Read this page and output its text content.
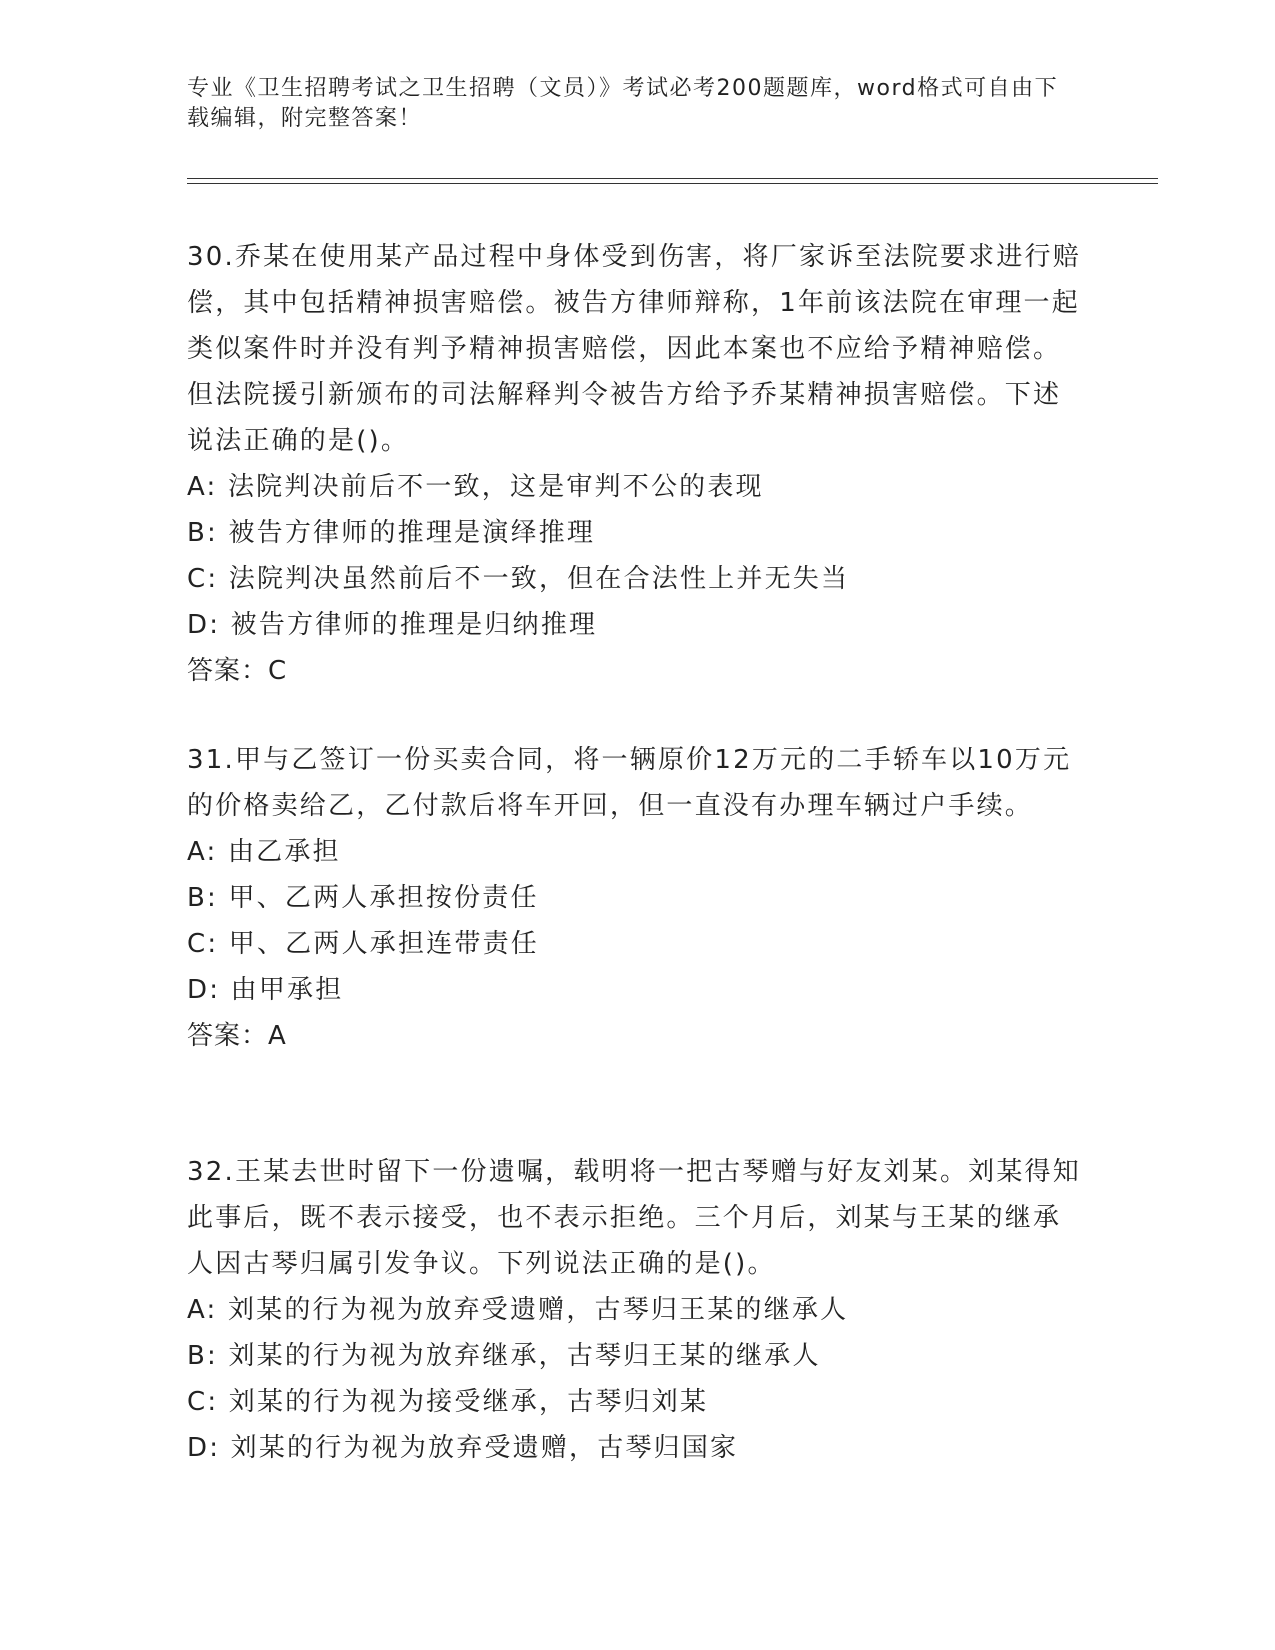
专业《卫生招聘考试之卫生招聘（文员）》考试必考200题题库，word格式可自由下载编辑，附完整答案！

30.乔某在使用某产品过程中身体受到伤害，将厂家诉至法院要求进行赔偿，其中包括精神损害赔偿。被告方律师辩称，1年前该法院在审理一起类似案件时并没有判予精神损害赔偿，因此本案也不应给予精神赔偿。但法院援引新颁布的司法解释判令被告方给予乔某精神损害赔偿。下述说法正确的是()。

A: 法院判决前后不一致，这是审判不公的表现

B: 被告方律师的推理是演绎推理

C: 法院判决虽然前后不一致，但在合法性上并无失当

D: 被告方律师的推理是归纳推理

答案：C

31.甲与乙签订一份买卖合同，将一辆原价12万元的二手轿车以10万元的价格卖给乙，乙付款后将车开回，但一直没有办理车辆过户手续。

A: 由乙承担

B: 甲、乙两人承担按份责任

C: 甲、乙两人承担连带责任

D: 由甲承担

答案：A

32.王某去世时留下一份遗嘱，载明将一把古琴赠与好友刘某。刘某得知此事后，既不表示接受，也不表示拒绝。三个月后，刘某与王某的继承人因古琴归属引发争议。下列说法正确的是()。

A: 刘某的行为视为放弃受遗赠，古琴归王某的继承人

B: 刘某的行为视为放弃继承，古琴归王某的继承人

C: 刘某的行为视为接受继承，古琴归刘某

D: 刘某的行为视为放弃受遗赠，古琴归国家
